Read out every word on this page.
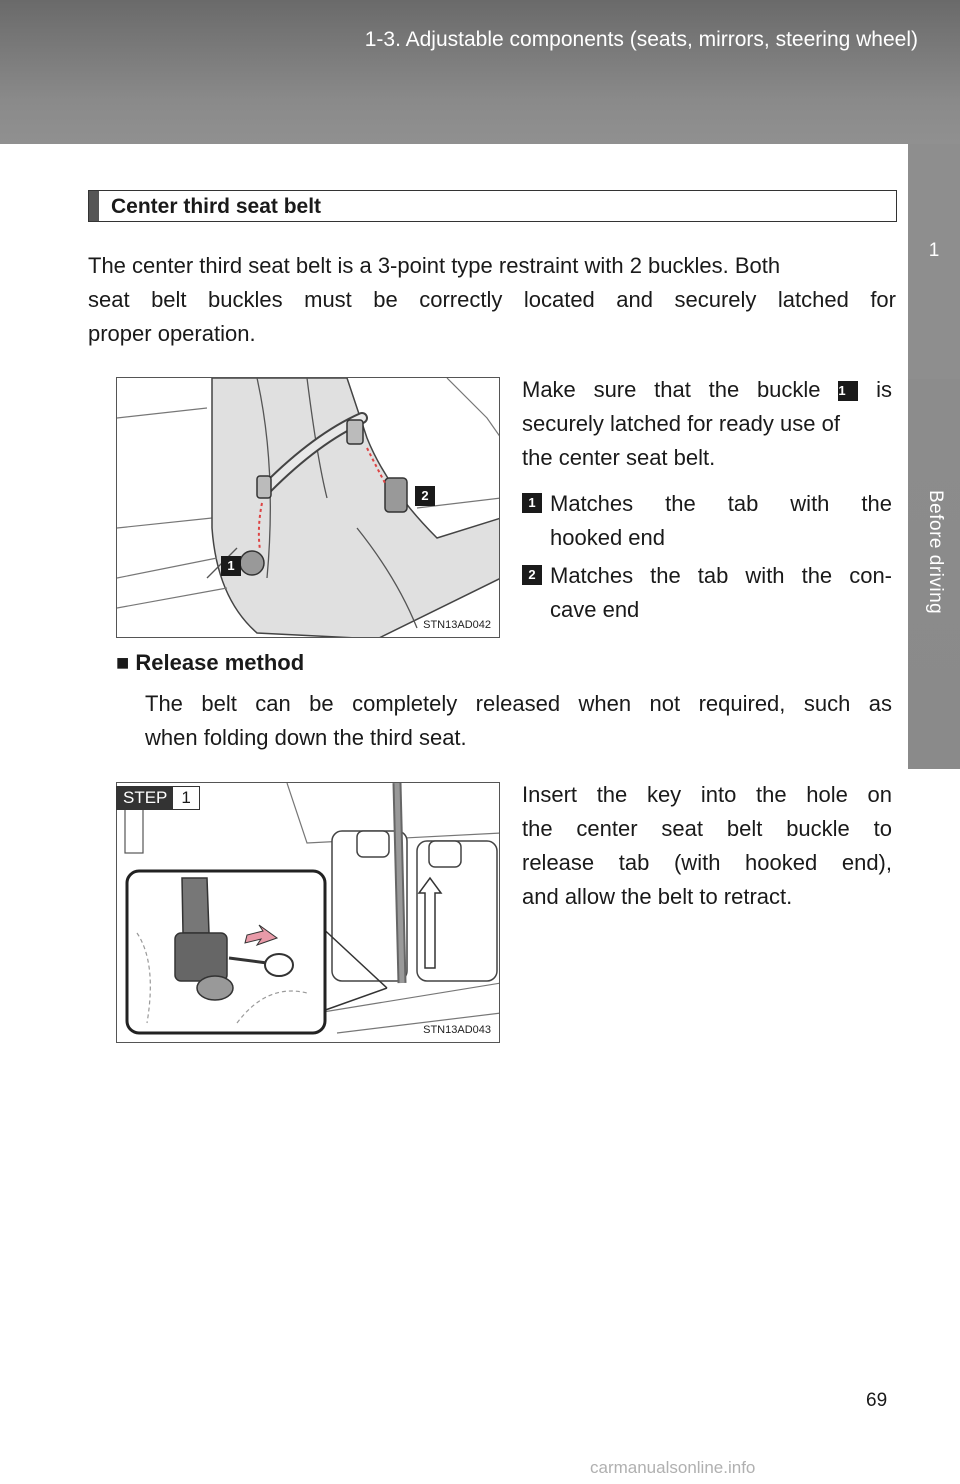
1-3. Adjustable components (seats, mirrors, steering wheel)
1
Before driving
Center third seat belt
The center third seat belt is a 3-point type restraint with 2 buckles. Both
seat belt buckles must be correctly located and securely latched for
proper operation.
1
2
STN13AD042
Make sure that the buckle 1 is
securely latched for ready use of
the center seat belt.
1 Matches the tab with the
hooked end
2 Matches the tab with the con-
cave end
■ Release method
The belt can be completely released when not required, such as
when folding down the third seat.
STN13AD043
STEP 1	Insert the key into the hole on
the center seat belt buckle to
release tab (with hooked end),
and allow the belt to retract.
69
carmanualsonline.info
